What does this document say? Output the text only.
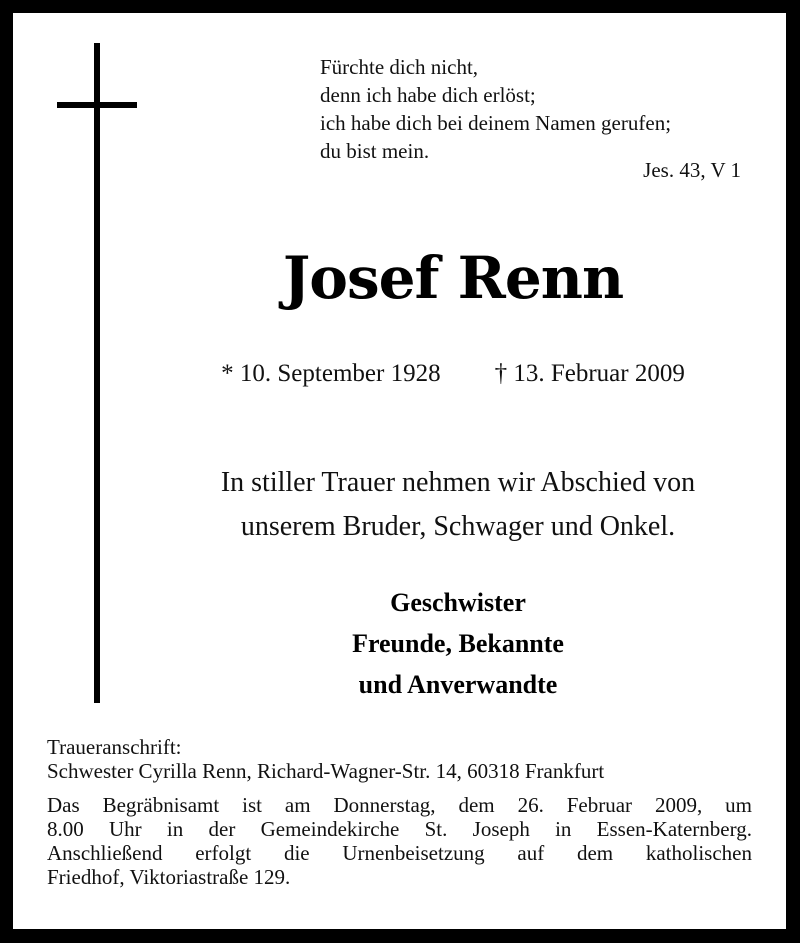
Fürchte dich nicht,
denn ich habe dich erlöst;
ich habe dich bei deinem Namen gerufen;
du bist mein.
Jes. 43, V 1
Josef Renn
* 10. September 1928 † 13. Februar 2009
In stiller Trauer nehmen wir Abschied von
unserem Bruder, Schwager und Onkel.
Geschwister
Freunde, Bekannte
und Anverwandte
Traueranschrift:
Schwester Cyrilla Renn, Richard-Wagner-Str. 14, 60318 Frankfurt
Das Begräbnisamt ist am Donnerstag, dem 26. Februar 2009, um
8.00 Uhr in der Gemeindekirche St. Joseph in Essen-Katernberg.
Anschließend erfolgt die Urnenbeisetzung auf dem katholischen
Friedhof, Viktoriastraße 129.
